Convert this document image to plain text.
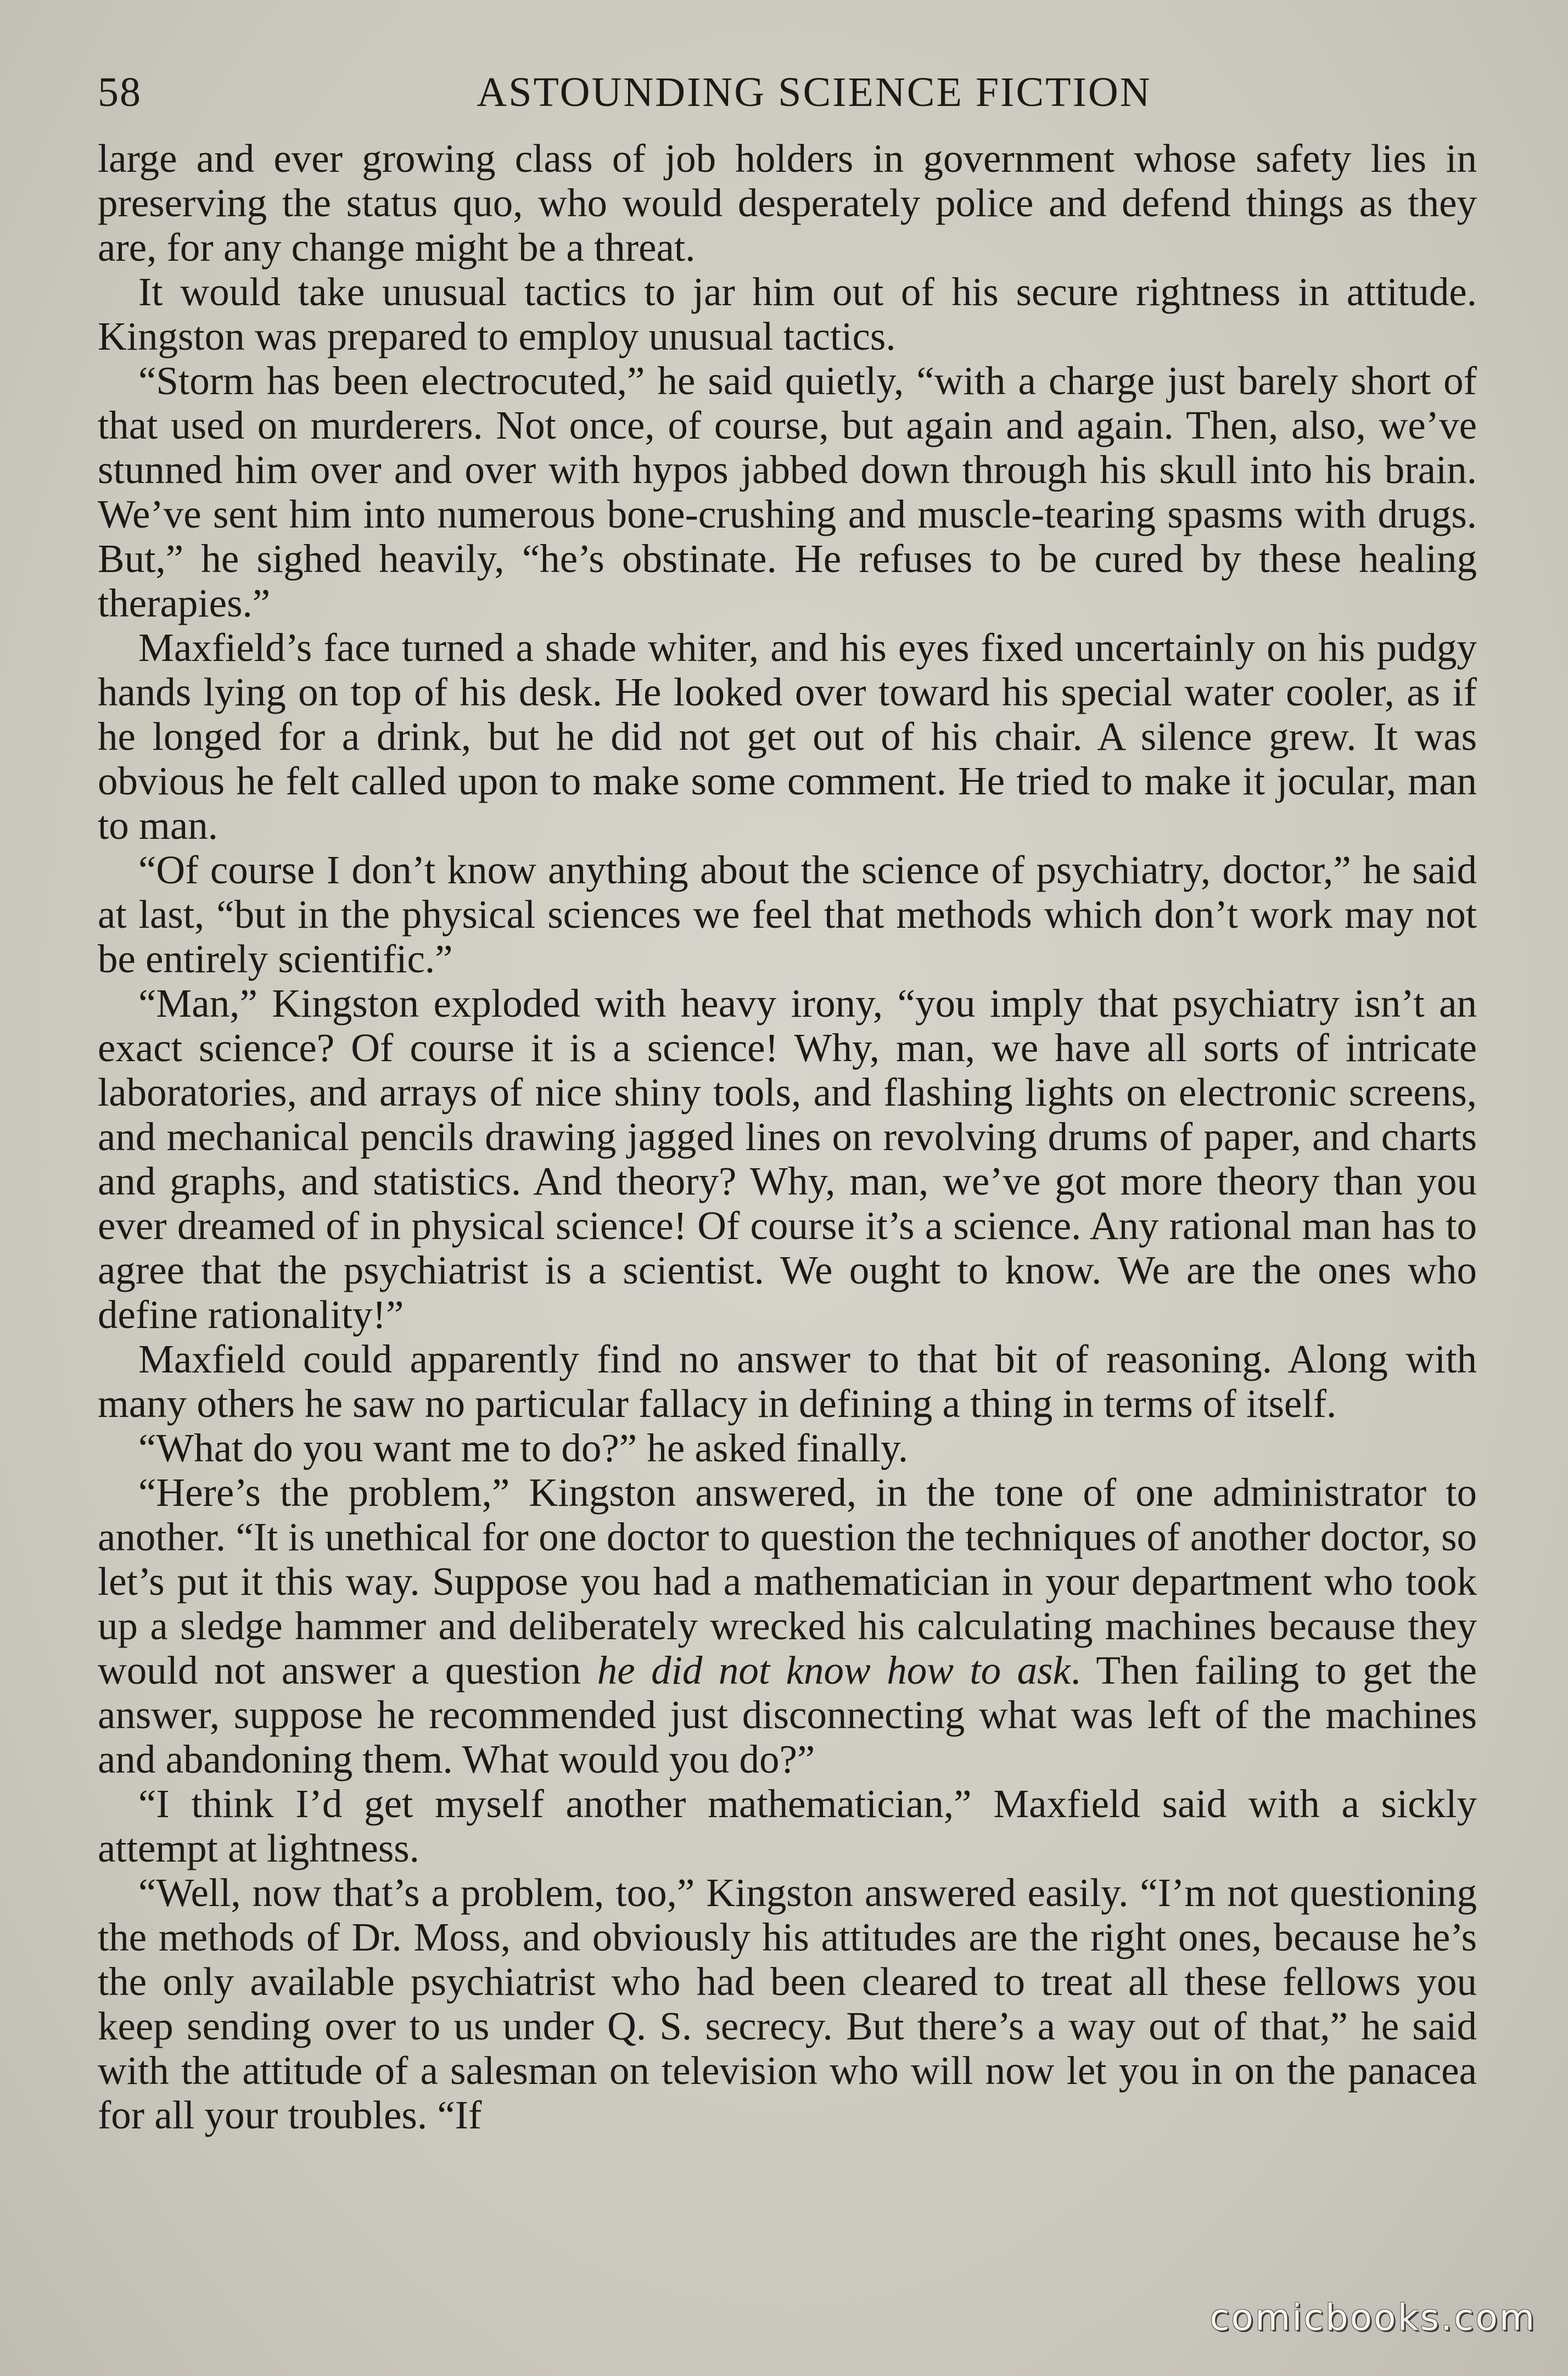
58	ASTOUNDING SCIENCE FICTION

large and ever growing class of job holders in government whose safety lies in preserving the status quo, who would desperately police and defend things as they are, for any change might be a threat.

It would take unusual tactics to jar him out of his secure rightness in attitude. Kingston was prepared to employ unusual tactics.

“Storm has been electrocuted,” he said quietly, “with a charge just barely short of that used on murderers. Not once, of course, but again and again. Then, also, we’ve stunned him over and over with hypos jabbed down through his skull into his brain. We’ve sent him into numerous bone-crushing and muscle-tearing spasms with drugs. But,” he sighed heavily, “he’s obstinate. He refuses to be cured by these healing therapies.”

Maxfield’s face turned a shade whiter, and his eyes fixed uncertainly on his pudgy hands lying on top of his desk. He looked over toward his special water cooler, as if he longed for a drink, but he did not get out of his chair. A silence grew. It was obvious he felt called upon to make some comment. He tried to make it jocular, man to man.

“Of course I don’t know anything about the science of psychiatry, doctor,” he said at last, “but in the physical sciences we feel that methods which don’t work may not be entirely scientific.”

“Man,” Kingston exploded with heavy irony, “you imply that psychiatry isn’t an exact science? Of course it is a science! Why, man, we have all sorts of intricate laboratories, and arrays of nice shiny tools, and flashing lights on electronic screens, and mechanical pencils drawing jagged lines on revolving drums of paper, and charts and graphs, and statistics. And theory? Why, man, we’ve got more theory than you ever dreamed of in physical science! Of course it’s a science. Any rational man has to agree that the psychiatrist is a scientist. We ought to know. We are the ones who define rationality!”

Maxfield could apparently find no answer to that bit of reasoning. Along with many others he saw no particular fallacy in defining a thing in terms of itself.

“What do you want me to do?” he asked finally.

“Here’s the problem,” Kingston answered, in the tone of one administrator to another. “It is unethical for one doctor to question the techniques of another doctor, so let’s put it this way. Suppose you had a mathematician in your department who took up a sledge hammer and deliberately wrecked his calculating machines because they would not answer a question he did not know how to ask. Then failing to get the answer, suppose he recommended just disconnecting what was left of the machines and abandoning them. What would you do?”

“I think I’d get myself another mathematician,” Maxfield said with a sickly attempt at lightness.

“Well, now that’s a problem, too,” Kingston answered easily. “I’m not questioning the methods of Dr. Moss, and obviously his attitudes are the right ones, because he’s the only available psychiatrist who had been cleared to treat all these fellows you keep sending over to us under Q. S. secrecy. But there’s a way out of that,” he said with the attitude of a salesman on television who will now let you in on the panacea for all your troubles. “If

comicbooks.com
